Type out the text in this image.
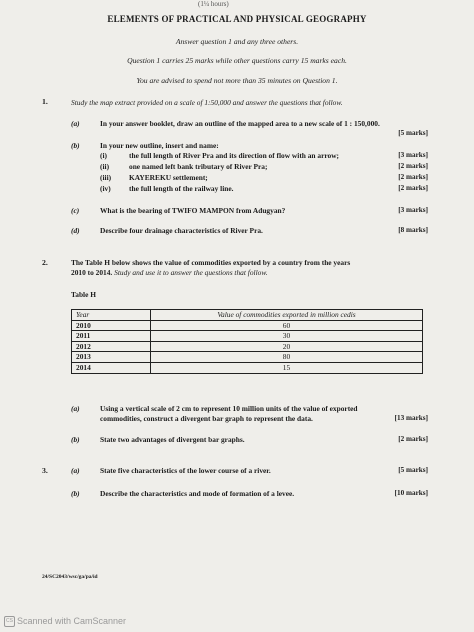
(1¼ hours)
ELEMENTS OF PRACTICAL AND PHYSICAL GEOGRAPHY
Answer question 1 and any three others.
Question 1 carries 25 marks while other questions carry 15 marks each.
You are advised to spend not more than 35 minutes on Question 1.
1.	Study the map extract provided on a scale of 1:50,000 and answer the questions that follow.
(a)	In your answer booklet, draw an outline of the mapped area to a new scale of 1 : 150,000.
[5 marks]
(b)	In your new outline, insert and name:
(i)	the full length of River Pra and its direction of flow with an arrow;	[3 marks]
(ii)	one named left bank tributary of River Pra;	[2 marks]
(iii) KAYEREKU settlement;	[2 marks]
(iv) the full length of the railway line.	[2 marks]
(c)	What is the bearing of TWIFO MAMPON from Adugyan?	[3 marks]
(d)	Describe four drainage characteristics of River Pra.	[8 marks]
2.	The Table H below shows the value of commodities exported by a country from the years
2010 to 2014. Study and use it to answer the questions that follow.
Table H
Year	Value of commodities exported in million cedis
2010	60
2011	30
2012	20
2013	80
2014	15
(a)	Using a vertical scale of 2 cm to represent 10 million units of the value of exported
commodities, construct a divergent bar graph to represent the data.	[13 marks]
(b)	State two advantages of divergent bar graphs.	[2 marks]
3.	(a)	State five characteristics of the lower course of a river.	[5 marks]
(b)	Describe the characteristics and mode of formation of a levee.	[10 marks]
24/SC2043/wsc/ga/pa/id
CS Scanned with CamScanner
